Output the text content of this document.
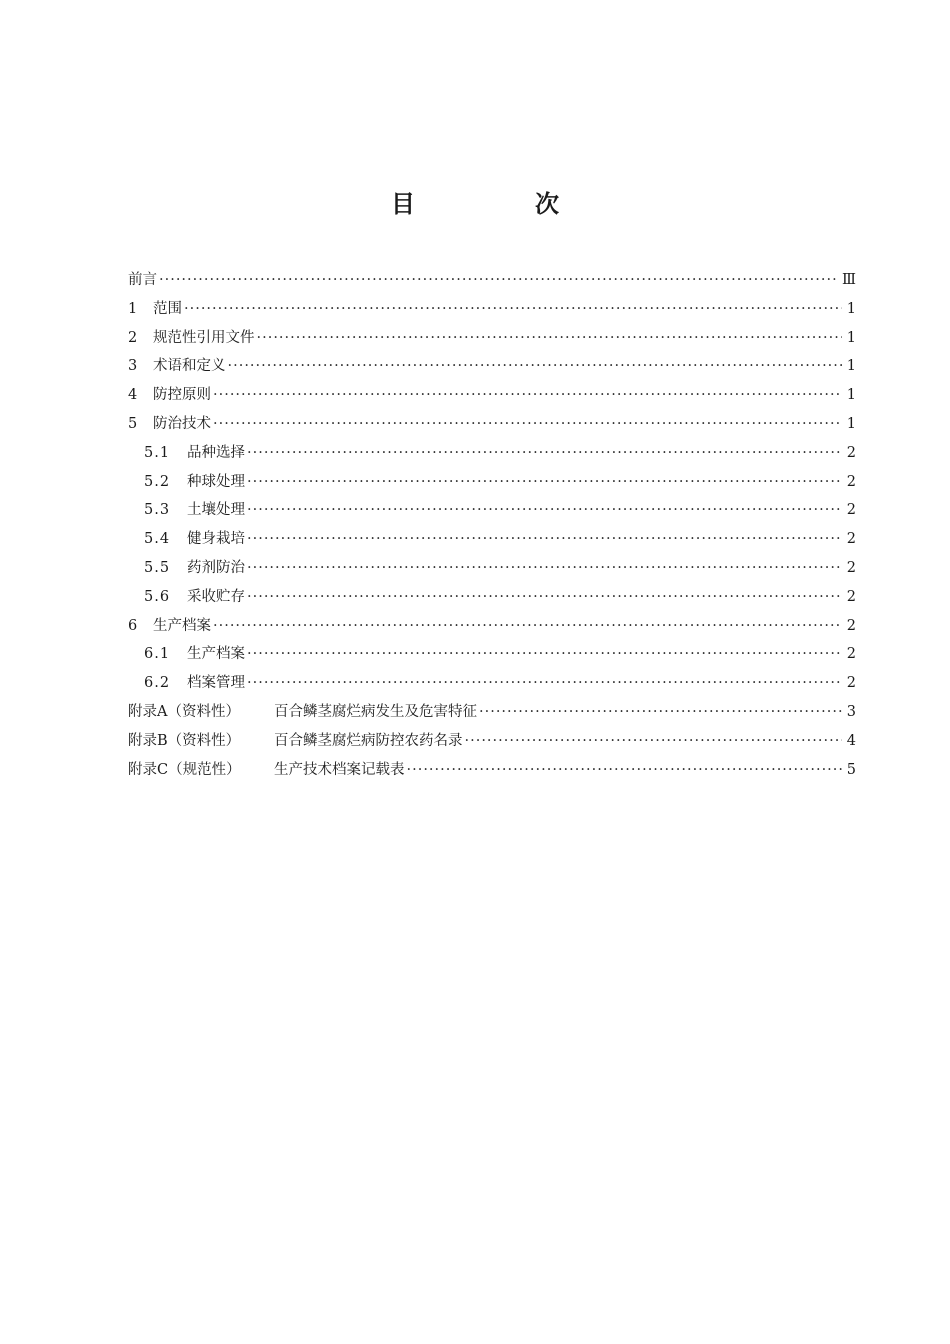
目　次
前言 ·····	Ⅲ
1	范围 ·····	1
2	规范性引用文件 ·····	1
3	术语和定义 ·····	1
4	防控原则 ·····	1
5	防治技术 ·····	1
5.1	品种选择 ·····	2
5.2	种球处理 ·····	2
5.3	土壤处理 ·····	2
5.4	健身栽培 ·····	2
5.5	药剂防治 ·····	2
5.6	采收贮存 ·····	2
6	生产档案 ·····	2
6.1	生产档案 ·····	2
6.2	档案管理 ·····	2
附录A（资料性）	百合鳞茎腐烂病发生及危害特征 ·····	3
附录B（资料性）	百合鳞茎腐烂病防控农药名录 ·····	4
附录C（规范性）	生产技术档案记载表 ·····	5
